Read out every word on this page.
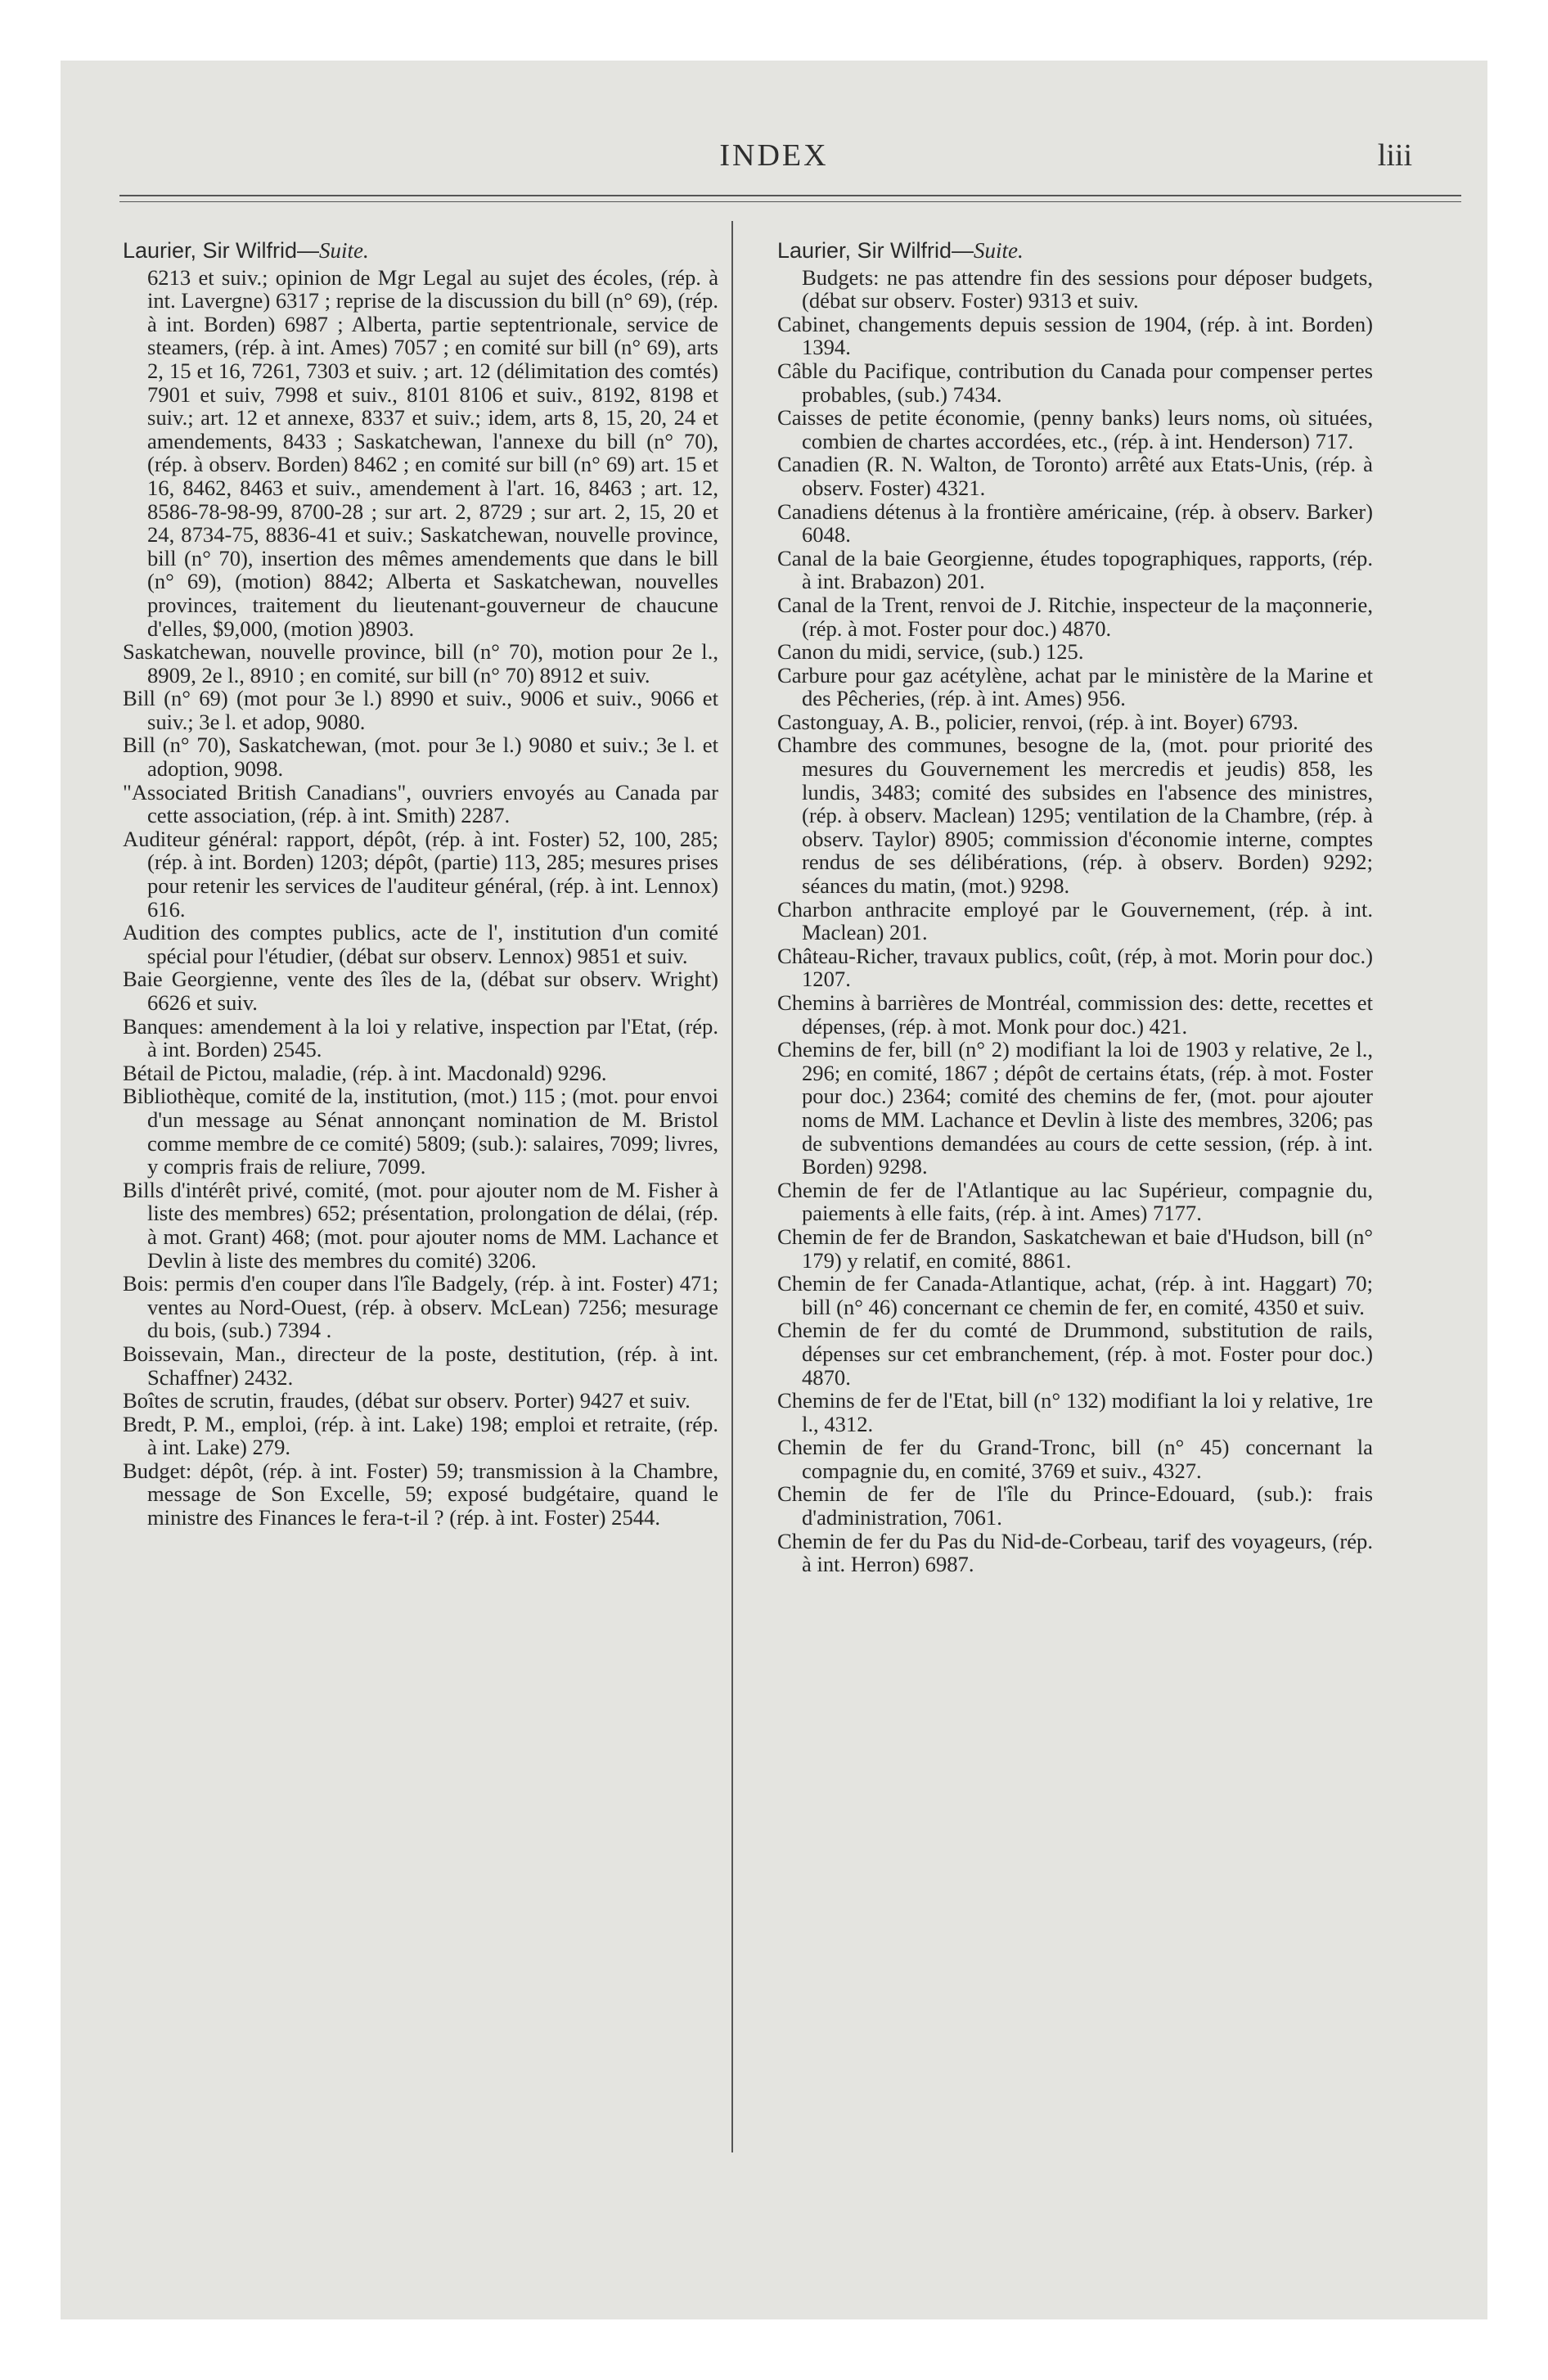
INDEX	liii
Laurier, Sir Wilfrid—Suite.

6213 et suiv.; opinion de Mgr Legal au sujet des écoles, (rép. à int. Lavergne) 6317 ; reprise de la discussion du bill (n° 69), (rép. à int. Borden) 6987 ; Alberta, partie septentrionale, service de steamers, (rép. à int. Ames) 7057 ; en comité sur bill (n° 69), arts 2, 15 et 16, 7261, 7303 et suiv. ; art. 12 (délimitation des comtés) 7901 et suiv, 7998 et suiv., 8101 8106 et suiv., 8192, 8198 et suiv.; art. 12 et annexe, 8337 et suiv.; idem, arts 8, 15, 20, 24 et amendements, 8433 ; Saskatchewan, l'annexe du bill (n° 70), (rép. à observ. Borden) 8462 ; en comité sur bill (n° 69) art. 15 et 16, 8462, 8463 et suiv., amendement à l'art. 16, 8463 ; art. 12, 8586-78-98-99, 8700-28 ; sur art. 2, 8729 ; sur art. 2, 15, 20 et 24, 8734-75, 8836-41 et suiv.; Saskatchewan, nouvelle province, bill (n° 70), insertion des mêmes amendements que dans le bill (n° 69), (motion) 8842; Alberta et Saskatchewan, nouvelles provinces, traitement du lieutenant-gouverneur de chaucune d'elles, $9,000, (motion )8903.

Saskatchewan, nouvelle province, bill (n° 70), motion pour 2e l., 8909, 2e l., 8910 ; en comité, sur bill (n° 70) 8912 et suiv.

Bill (n° 69) (mot pour 3e l.) 8990 et suiv., 9006 et suiv., 9066 et suiv.; 3e l. et adop, 9080.

Bill (n° 70), Saskatchewan, (mot. pour 3e l.) 9080 et suiv.; 3e l. et adoption, 9098.

"Associated British Canadians", ouvriers envoyés au Canada par cette association, (rép. à int. Smith) 2287.

Auditeur général: rapport, dépôt, (rép. à int. Foster) 52, 100, 285; (rép. à int. Borden) 1203; dépôt, (partie) 113, 285; mesures prises pour retenir les services de l'auditeur général, (rép. à int. Lennox) 616.

Audition des comptes publics, acte de l', institution d'un comité spécial pour l'étudier, (débat sur observ. Lennox) 9851 et suiv.

Baie Georgienne, vente des îles de la, (débat sur observ. Wright) 6626 et suiv.

Banques: amendement à la loi y relative, inspection par l'Etat, (rép. à int. Borden) 2545.

Bétail de Pictou, maladie, (rép. à int. Macdonald) 9296.

Bibliothèque, comité de la, institution, (mot.) 115 ; (mot. pour envoi d'un message au Sénat annonçant nomination de M. Bristol comme membre de ce comité) 5809; (sub.): salaires, 7099; livres, y compris frais de reliure, 7099.

Bills d'intérêt privé, comité, (mot. pour ajouter nom de M. Fisher à liste des membres) 652; présentation, prolongation de délai, (rép. à mot. Grant) 468; (mot. pour ajouter noms de MM. Lachance et Devlin à liste des membres du comité) 3206.

Bois: permis d'en couper dans l'île Badgely, (rép. à int. Foster) 471; ventes au Nord-Ouest, (rép. à observ. McLean) 7256; mesurage du bois, (sub.) 7394 .

Boissevain, Man., directeur de la poste, destitution, (rép. à int. Schaffner) 2432.

Boîtes de scrutin, fraudes, (débat sur observ. Porter) 9427 et suiv.

Bredt, P. M., emploi, (rép. à int. Lake) 198; emploi et retraite, (rép. à int. Lake) 279.

Budget: dépôt, (rép. à int. Foster) 59; transmission à la Chambre, message de Son Excelle, 59; exposé budgétaire, quand le ministre des Finances le fera-t-il ? (rép. à int. Foster) 2544.

Laurier, Sir Wilfrid—Suite.

Budgets: ne pas attendre fin des sessions pour déposer budgets, (débat sur observ. Foster) 9313 et suiv.

Cabinet, changements depuis session de 1904, (rép. à int. Borden) 1394.

Câble du Pacifique, contribution du Canada pour compenser pertes probables, (sub.) 7434.

Caisses de petite économie, (penny banks) leurs noms, où situées, combien de chartes accordées, etc., (rép. à int. Henderson) 717.

Canadien (R. N. Walton, de Toronto) arrêté aux Etats-Unis, (rép. à observ. Foster) 4321.

Canadiens détenus à la frontière américaine, (rép. à observ. Barker) 6048.

Canal de la baie Georgienne, études topographiques, rapports, (rép. à int. Brabazon) 201.

Canal de la Trent, renvoi de J. Ritchie, inspecteur de la maçonnerie, (rép. à mot. Foster pour doc.) 4870.

Canon du midi, service, (sub.) 125.

Carbure pour gaz acétylène, achat par le ministère de la Marine et des Pêcheries, (rép. à int. Ames) 956.

Castonguay, A. B., policier, renvoi, (rép. à int. Boyer) 6793.

Chambre des communes, besogne de la, (mot. pour priorité des mesures du Gouvernement les mercredis et jeudis) 858, les lundis, 3483; comité des subsides en l'absence des ministres, (rép. à observ. Maclean) 1295; ventilation de la Chambre, (rép. à observ. Taylor) 8905; commission d'économie interne, comptes rendus de ses délibérations, (rép. à observ. Borden) 9292; séances du matin, (mot.) 9298.

Charbon anthracite employé par le Gouvernement, (rép. à int. Maclean) 201.

Château-Richer, travaux publics, coût, (rép, à mot. Morin pour doc.) 1207.

Chemins à barrières de Montréal, commission des: dette, recettes et dépenses, (rép. à mot. Monk pour doc.) 421.

Chemins de fer, bill (n° 2) modifiant la loi de 1903 y relative, 2e l., 296; en comité, 1867 ; dépôt de certains états, (rép. à mot. Foster pour doc.) 2364; comité des chemins de fer, (mot. pour ajouter noms de MM. Lachance et Devlin à liste des membres, 3206; pas de subventions demandées au cours de cette session, (rép. à int. Borden) 9298.

Chemin de fer de l'Atlantique au lac Supérieur, compagnie du, paiements à elle faits, (rép. à int. Ames) 7177.

Chemin de fer de Brandon, Saskatchewan et baie d'Hudson, bill (n° 179) y relatif, en comité, 8861.

Chemin de fer Canada-Atlantique, achat, (rép. à int. Haggart) 70; bill (n° 46) concernant ce chemin de fer, en comité, 4350 et suiv.

Chemin de fer du comté de Drummond, substitution de rails, dépenses sur cet embranchement, (rép. à mot. Foster pour doc.) 4870.

Chemins de fer de l'Etat, bill (n° 132) modifiant la loi y relative, 1re l., 4312.

Chemin de fer du Grand-Tronc, bill (n° 45) concernant la compagnie du, en comité, 3769 et suiv., 4327.

Chemin de fer de l'île du Prince-Edouard, (sub.): frais d'administration, 7061.

Chemin de fer du Pas du Nid-de-Corbeau, tarif des voyageurs, (rép. à int. Herron) 6987.
